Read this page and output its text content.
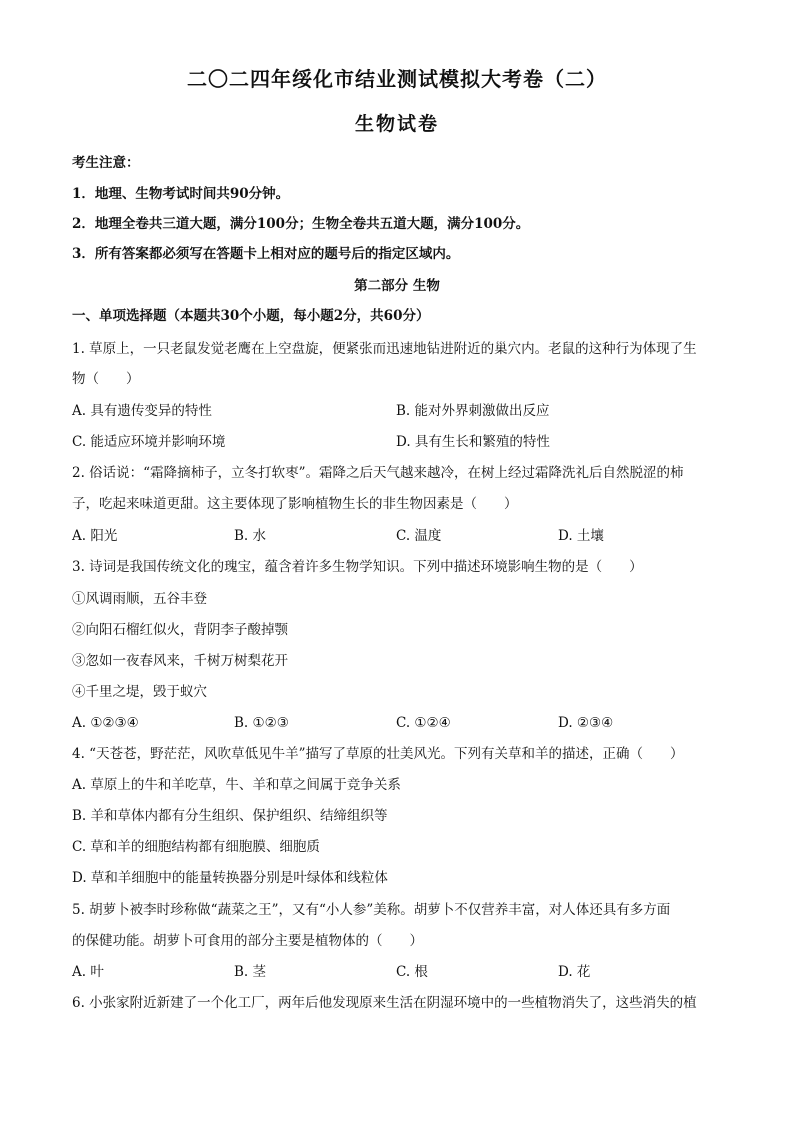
二〇二四年绥化市结业测试模拟大考卷（二）
生物试卷
考生注意：
1．地理、生物考试时间共90分钟。
2．地理全卷共三道大题，满分100分；生物全卷共五道大题，满分100分。
3．所有答案都必须写在答题卡上相对应的题号后的指定区域内。
第二部分 生物
一、单项选择题（本题共30个小题，每小题2分，共60分）
1. 草原上，一只老鼠发觉老鹰在上空盘旋，便紧张而迅速地钻进附近的巢穴内。老鼠的这种行为体现了生
物（　　）
A. 具有遗传变异的特性	B. 能对外界刺激做出反应
C. 能适应环境并影响环境	D. 具有生长和繁殖的特性
2. 俗话说：“霜降摘柿子，立冬打软枣”。霜降之后天气越来越冷，在树上经过霜降洗礼后自然脱涩的柿
子，吃起来味道更甜。这主要体现了影响植物生长的非生物因素是（　　）
A. 阳光	B. 水	C. 温度	D. 土壤
3. 诗词是我国传统文化的瑰宝，蕴含着许多生物学知识。下列中描述环境影响生物的是（　　）
①风调雨顺，五谷丰登
②向阳石榴红似火，背阴李子酸掉颚
③忽如一夜春风来，千树万树梨花开
④千里之堤，毁于蚁穴
A. ①②③④	B. ①②③	C. ①②④	D. ②③④
4. “天苍苍，野茫茫，风吹草低见牛羊”描写了草原的壮美风光。下列有关草和羊的描述，正确（　　）
A. 草原上的牛和羊吃草，牛、羊和草之间属于竞争关系
B. 羊和草体内都有分生组织、保护组织、结缔组织等
C. 草和羊的细胞结构都有细胞膜、细胞质
D. 草和羊细胞中的能量转换器分别是叶绿体和线粒体
5. 胡萝卜被李时珍称做“蔬菜之王”，又有“小人参”美称。胡萝卜不仅营养丰富，对人体还具有多方面
的保健功能。胡萝卜可食用的部分主要是植物体的（　　）
A. 叶	B. 茎	C. 根	D. 花
6. 小张家附近新建了一个化工厂，两年后他发现原来生活在阴湿环境中的一些植物消失了，这些消失的植
